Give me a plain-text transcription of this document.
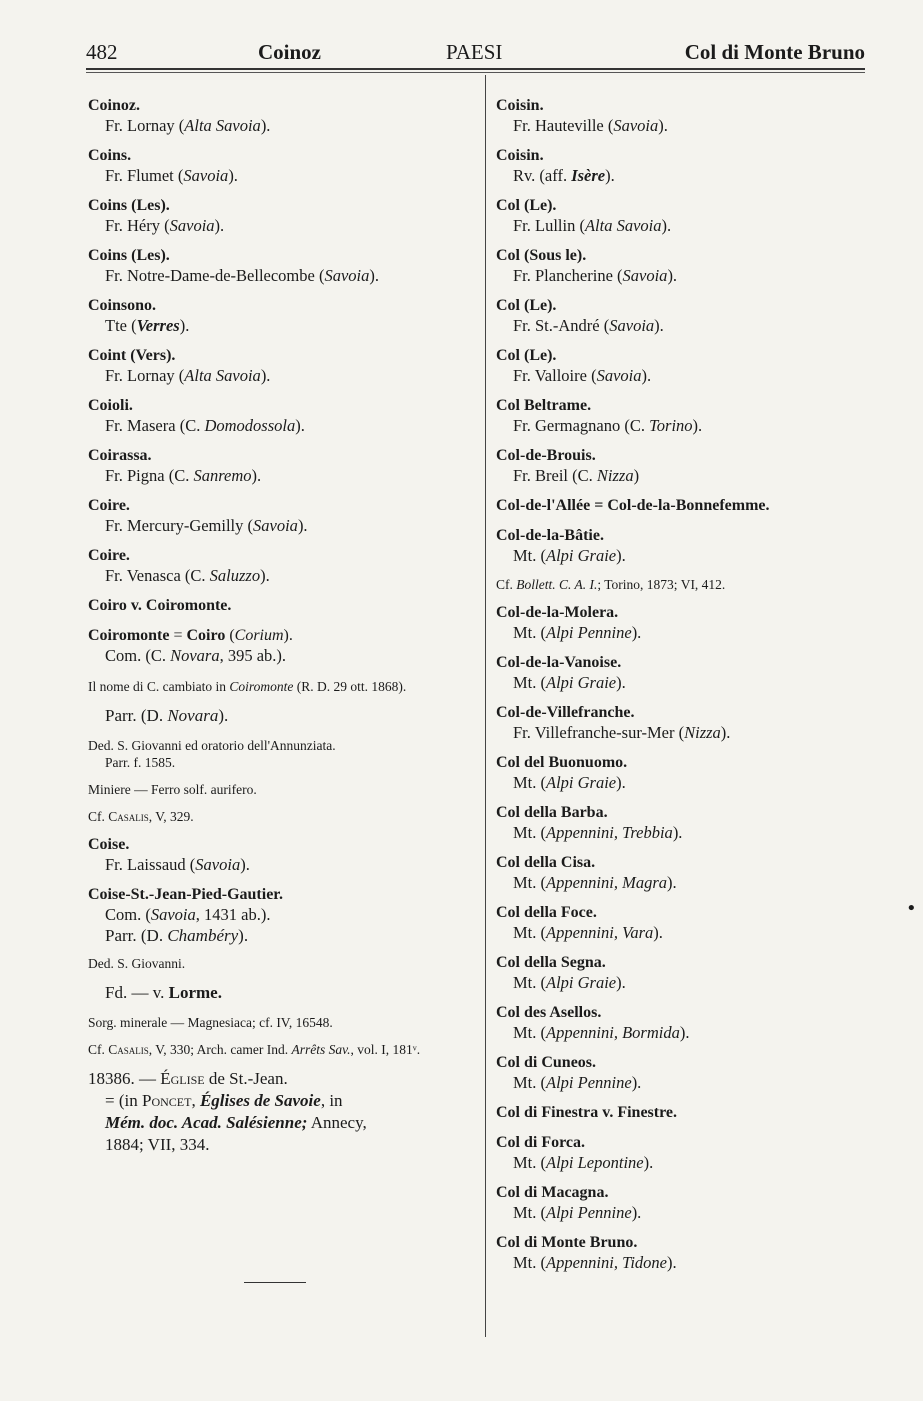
482	Coinoz	PAESI	Col di Monte Bruno
Coinoz.
Fr. Lornay (Alta Savoia).
Coins.
Fr. Flumet (Savoia).
Coins (Les).
Fr. Héry (Savoia).
Coins (Les).
Fr. Notre-Dame-de-Bellecombe (Savoia).
Coinsono.
Tte (Verres).
Coint (Vers).
Fr. Lornay (Alta Savoia).
Coioli.
Fr. Masera (C. Domodossola).
Coirassa.
Fr. Pigna (C. Sanremo).
Coire.
Fr. Mercury-Gemilly (Savoia).
Coire.
Fr. Venasca (C. Saluzzo).
Coiro v. Coiromonte.
Coiromonte = Coiro (Corium).
Com. (C. Novara, 395 ab.).
Il nome di C. cambiato in Coiromonte (R. D. 29 ott. 1868).
Parr. (D. Novara).
Ded. S. Giovanni ed oratorio dell'Annunziata.
Parr. f. 1585.
Miniere — Ferro solf. aurifero.
Cf. Casalis, V, 329.
Coise.
Fr. Laissaud (Savoia).
Coise-St.-Jean-Pied-Gautier.
Com. (Savoia, 1431 ab.).
Parr. (D. Chambéry).
Ded. S. Giovanni.
Fd. — v. Lorme.
Sorg. minerale — Magnesiaca; cf. IV, 16548.
Cf. Casalis, V, 330; Arch. camer Ind. Arrêts Sav., vol. I, 181ᵛ.
18386. — Église de St.-Jean.
= (in Poncet, Églises de Savoie, in
Mém. doc. Acad. Salésienne; Annecy,
1884; VII, 334.
•
Coisin.
Fr. Hauteville (Savoia).
Coisin.
Rv. (aff. Isère).
Col (Le).
Fr. Lullin (Alta Savoia).
Col (Sous le).
Fr. Plancherine (Savoia).
Col (Le).
Fr. St.-André (Savoia).
Col (Le).
Fr. Valloire (Savoia).
Col Beltrame.
Fr. Germagnano (C. Torino).
Col-de-Brouis.
Fr. Breil (C. Nizza)
Col-de-l'Allée = Col-de-la-Bonnefemme.
Col-de-la-Bâtie.
Mt. (Alpi Graie).
Cf. Bollett. C. A. I.; Torino, 1873; VI, 412.
Col-de-la-Molera.
Mt. (Alpi Pennine).
Col-de-la-Vanoise.
Mt. (Alpi Graie).
Col-de-Villefranche.
Fr. Villefranche-sur-Mer (Nizza).
Col del Buonuomo.
Mt. (Alpi Graie).
Col della Barba.
Mt. (Appennini, Trebbia).
Col della Cisa.
Mt. (Appennini, Magra).
Col della Foce.
Mt. (Appennini, Vara).
Col della Segna.
Mt. (Alpi Graie).
Col des Asellos.
Mt. (Appennini, Bormida).
Col di Cuneos.
Mt. (Alpi Pennine).
Col di Finestra v. Finestre.
Col di Forca.
Mt. (Alpi Lepontine).
Col di Macagna.
Mt. (Alpi Pennine).
Col di Monte Bruno.
Mt. (Appennini, Tidone).
